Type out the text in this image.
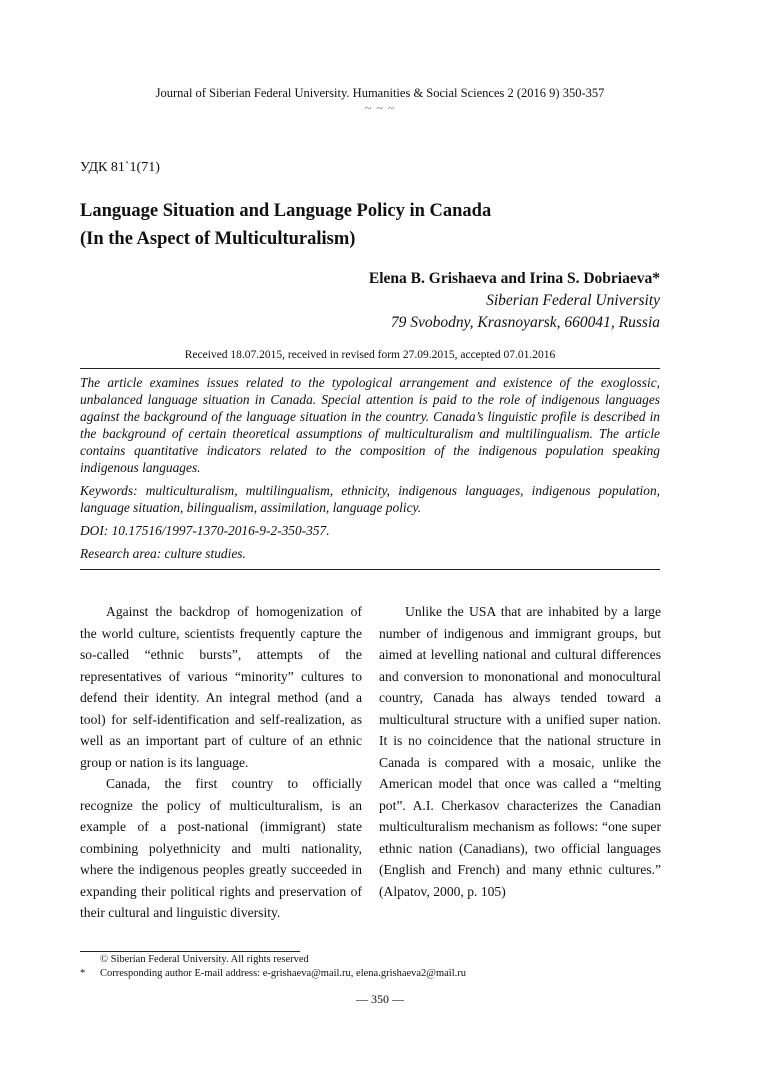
Journal of Siberian Federal University. Humanities & Social Sciences 2 (2016 9) 350-357
~ ~ ~
УДК 81`1(71)
Language Situation and Language Policy in Canada
(In the Aspect of Multiculturalism)
Elena B. Grishaeva and Irina S. Dobriaeva*
Siberian Federal University
79 Svobodny, Krasnoyarsk, 660041, Russia
Received 18.07.2015, received in revised form 27.09.2015, accepted 07.01.2016

The article examines issues related to the typological arrangement and existence of the exoglossic, unbalanced language situation in Canada. Special attention is paid to the role of indigenous languages against the background of the language situation in the country. Canada’s linguistic profile is described in the background of certain theoretical assumptions of multiculturalism and multilingualism. The article contains quantitative indicators related to the composition of the indigenous population speaking indigenous languages.

Keywords: multiculturalism, multilingualism, ethnicity, indigenous languages, indigenous population, language situation, bilingualism, assimilation, language policy.

DOI: 10.17516/1997-1370-2016-9-2-350-357.

Research area: culture studies.

Against the backdrop of homogenization of the world culture, scientists frequently capture the so-called “ethnic bursts”, attempts of the representatives of various “minority” cultures to defend their identity. An integral method (and a tool) for self-identification and self-realization, as well as an important part of culture of an ethnic group or nation is its language.

Canada, the first country to officially recognize the policy of multiculturalism, is an example of a post-national (immigrant) state combining polyethnicity and multi nationality, where the indigenous peoples greatly succeeded in expanding their political rights and preservation of their cultural and linguistic diversity.

Unlike the USA that are inhabited by a large number of indigenous and immigrant groups, but aimed at levelling national and cultural differences and conversion to mononational and monocultural country, Canada has always tended toward a multicultural structure with a unified super nation. It is no coincidence that the national structure in Canada is compared with a mosaic, unlike the American model that once was called a “melting pot”. A.I. Cherkasov characterizes the Canadian multiculturalism mechanism as follows: “one super ethnic nation (Canadians), two official languages (English and French) and many ethnic cultures.” (Alpatov, 2000, p. 105)

© Siberian Federal University. All rights reserved
* Corresponding author E-mail address: e-grishaeva@mail.ru, elena.grishaeva2@mail.ru
— 350 —
